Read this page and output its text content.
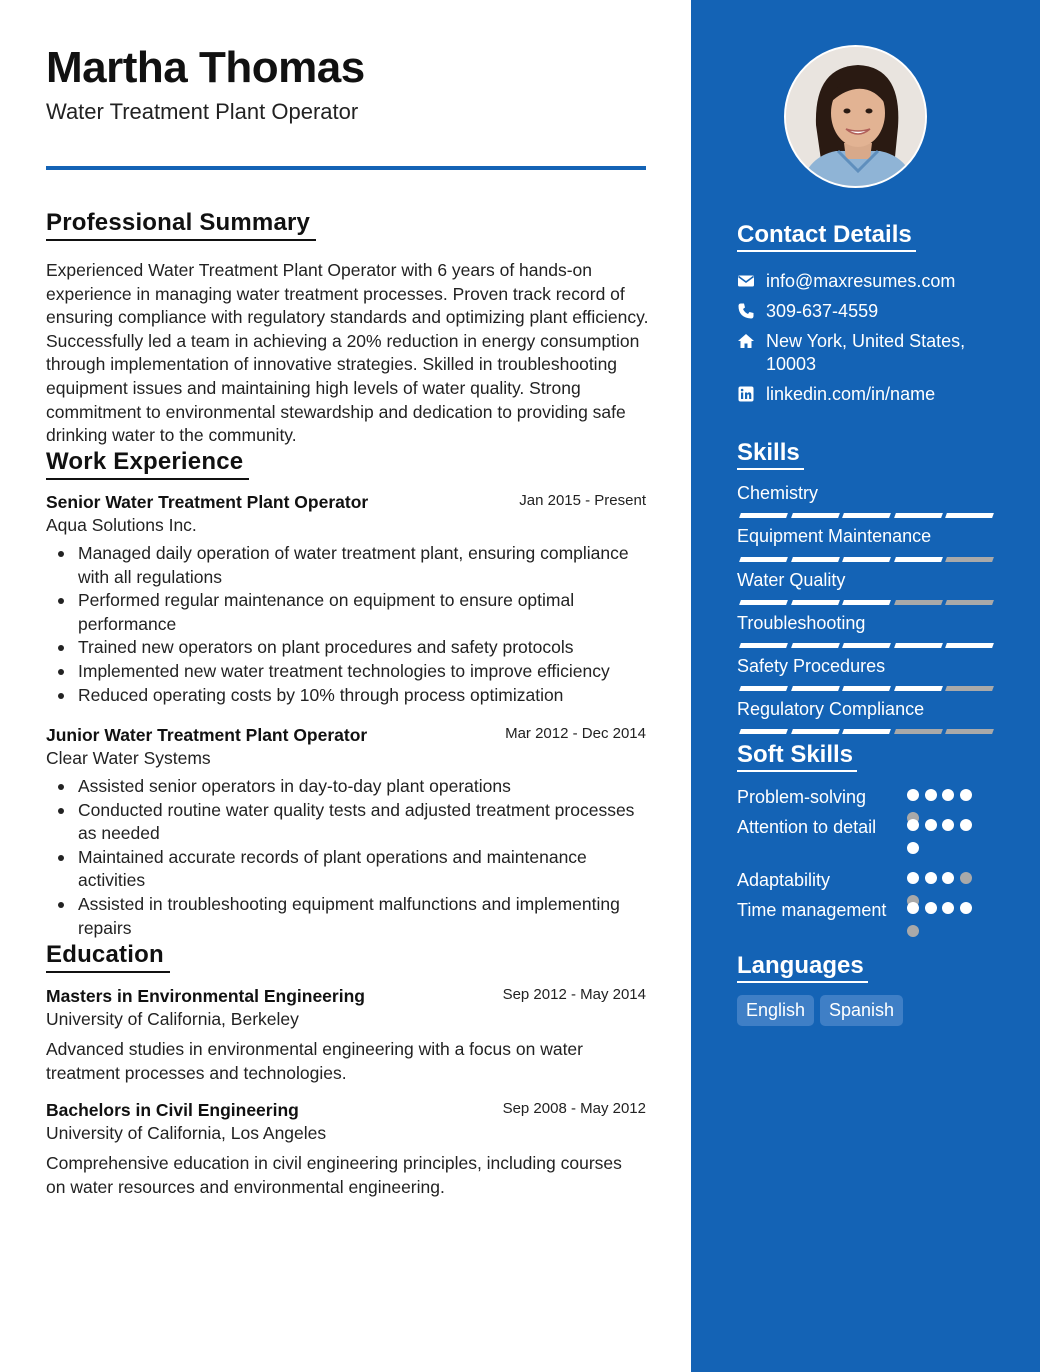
Martha Thomas
Water Treatment Plant Operator
Professional Summary
Experienced Water Treatment Plant Operator with 6 years of hands-on experience in managing water treatment processes. Proven track record of ensuring compliance with regulatory standards and optimizing plant efficiency. Successfully led a team in achieving a 20% reduction in energy consumption through implementation of innovative strategies. Skilled in troubleshooting equipment issues and maintaining high levels of water quality. Strong commitment to environmental stewardship and dedication to providing safe drinking water to the community.
Work Experience
Senior Water Treatment Plant Operator	Jan 2015 - Present
Aqua Solutions Inc.
Managed daily operation of water treatment plant, ensuring compliance with all regulations
Performed regular maintenance on equipment to ensure optimal performance
Trained new operators on plant procedures and safety protocols
Implemented new water treatment technologies to improve efficiency
Reduced operating costs by 10% through process optimization
Junior Water Treatment Plant Operator	Mar 2012 - Dec 2014
Clear Water Systems
Assisted senior operators in day-to-day plant operations
Conducted routine water quality tests and adjusted treatment processes as needed
Maintained accurate records of plant operations and maintenance activities
Assisted in troubleshooting equipment malfunctions and implementing repairs
Education
Masters in Environmental Engineering	Sep 2012 - May 2014
University of California, Berkeley
Advanced studies in environmental engineering with a focus on water treatment processes and technologies.
Bachelors in Civil Engineering	Sep 2008 - May 2012
University of California, Los Angeles
Comprehensive education in civil engineering principles, including courses on water resources and environmental engineering.
Contact Details
info@maxresumes.com
309-637-4559
New York, United States, 10003
linkedin.com/in/name
Skills
Chemistry
Equipment Maintenance
Water Quality
Troubleshooting
Safety Procedures
Regulatory Compliance
Soft Skills
Problem-solving
Attention to detail
Adaptability
Time management
Languages
English	Spanish
